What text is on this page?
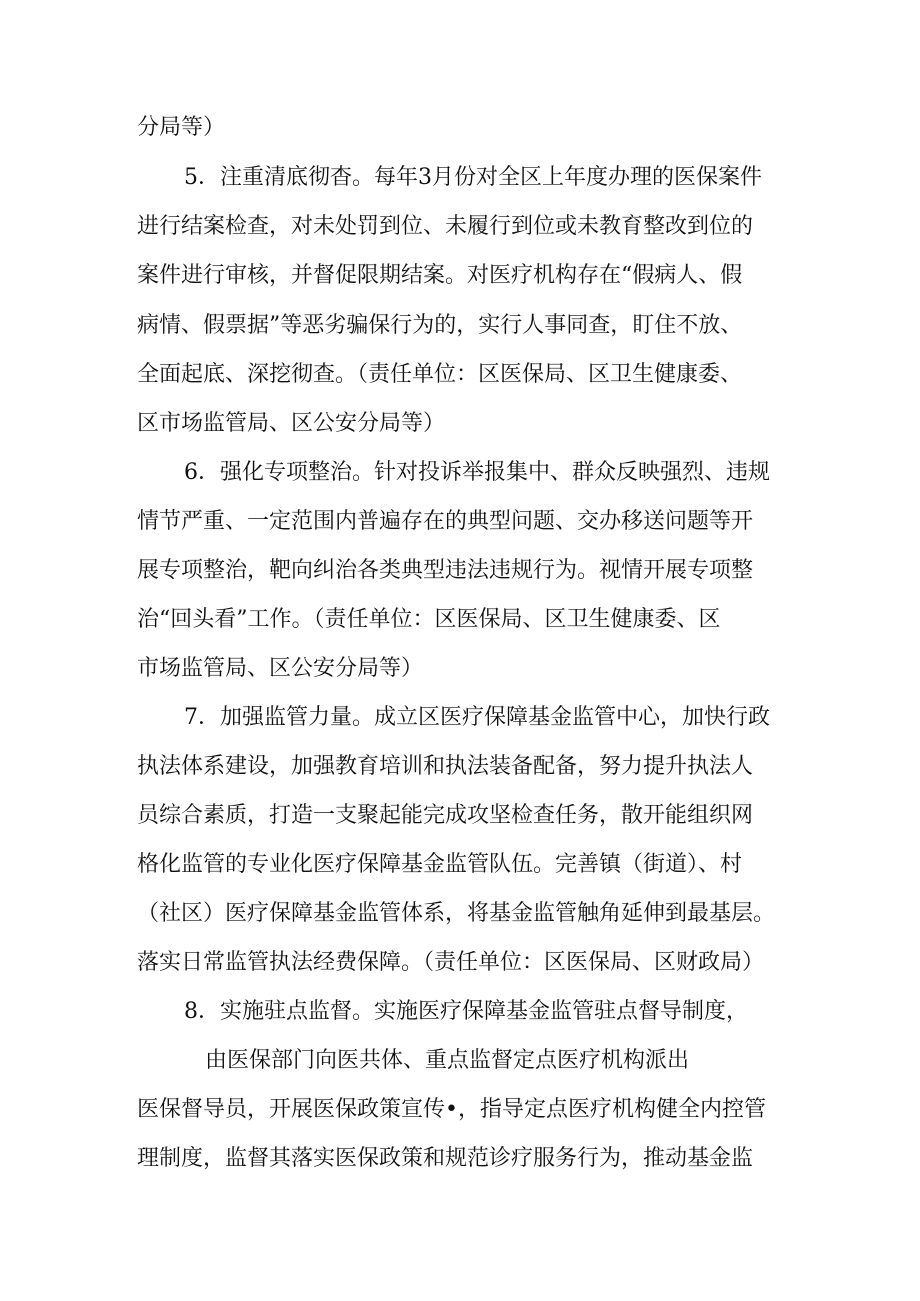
分局等）
5．注重清底彻杳。每年3月份对全区上年度办理的医保案件
进行结案检查，对未处罚到位、未履行到位或未教育整改到位的
案件进行审核，并督促限期结案。对医疗机构存在“假病人、假
病情、假票据”等恶劣骗保行为的，实行人事同查，盯住不放、
全面起底、深挖彻查。（责任单位：区医保局、区卫生健康委、
区市场监管局、区公安分局等）
6．强化专项整治。针对投诉举报集中、群众反映强烈、违规
情节严重、一定范围内普遍存在的典型问题、交办移送问题等开
展专项整治，靶向纠治各类典型违法违规行为。视情开展专项整
治“回头看”工作。（责任单位：区医保局、区卫生健康委、区
市场监管局、区公安分局等）
7．加强监管力量。成立区医疗保障基金监管中心，加快行政
执法体系建设，加强教育培训和执法装备配备，努力提升执法人
员综合素质，打造一支聚起能完成攻坚检查任务，散开能组织网
格化监管的专业化医疗保障基金监管队伍。完善镇（街道）、村
（社区）医疗保障基金监管体系，将基金监管触角延伸到最基层。
落实日常监管执法经费保障。（责任单位：区医保局、区财政局）
8．实施驻点监督。实施医疗保障基金监管驻点督导制度，
由医保部门向医共体、重点监督定点医疗机构派出
医保督导员，开展医保政策宣传•，指导定点医疗机构健全内控管
理制度，监督其落实医保政策和规范诊疗服务行为，推动基金监
